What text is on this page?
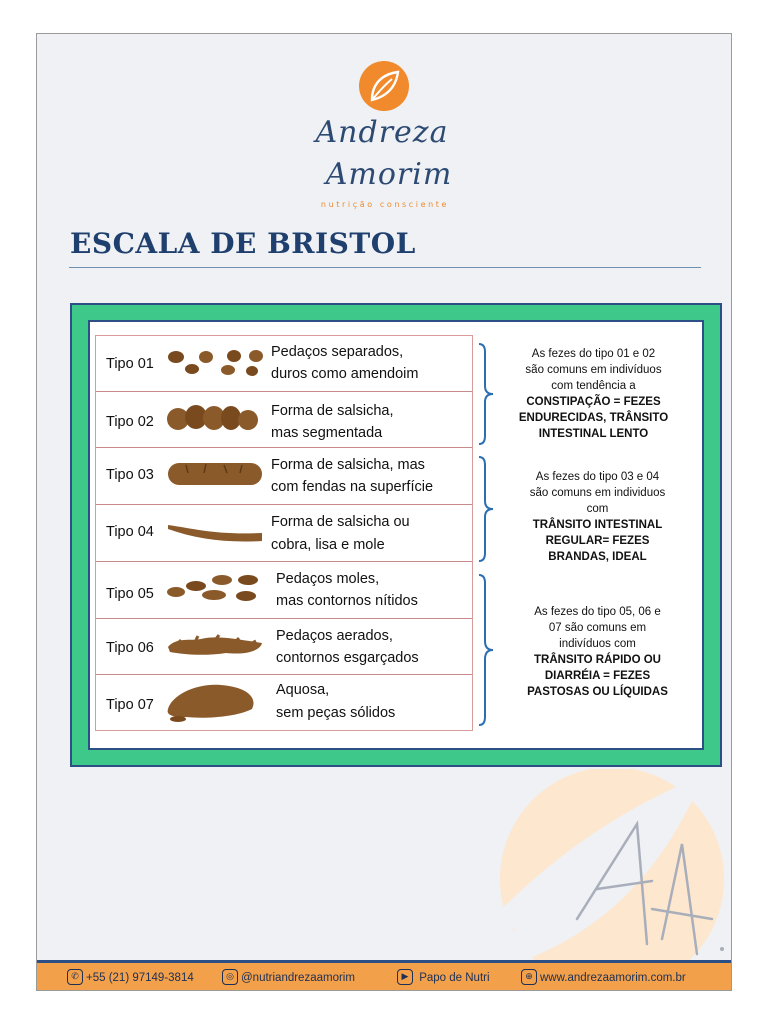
Andreza
Amorim
nutrição consciente
ESCALA DE BRISTOL
Tipo 01
Pedaços separados,
duros como amendoim
Tipo 02
Forma de salsicha,
mas segmentada
Tipo 03
Forma de salsicha, mas
com fendas na superfície
Tipo 04
Forma de salsicha ou
cobra, lisa e mole
Tipo 05
Pedaços moles,
mas contornos nítidos
Tipo 06
Pedaços aerados,
contornos esgarçados
Tipo 07
Aquosa,
sem peças sólidos
As fezes do tipo 01 e 02
são comuns em indivíduos
com tendência a
CONSTIPAÇÃO = FEZES
ENDURECIDAS, TRÂNSITO
INTESTINAL LENTO
As fezes do tipo 03 e 04
são comuns em individuos
com
TRÂNSITO INTESTINAL
REGULAR= FEZES
BRANDAS, IDEAL
As fezes do tipo 05, 06 e
07 são comuns em
indivíduos com
TRÂNSITO RÁPIDO OU
DIARRÉIA = FEZES
PASTOSAS OU LÍQUIDAS
✆ +55 (21) 97149-3814	◎ @nutriandrezaamorim	▶ Papo de Nutri	⊕ www.andrezaamorim.com.br
